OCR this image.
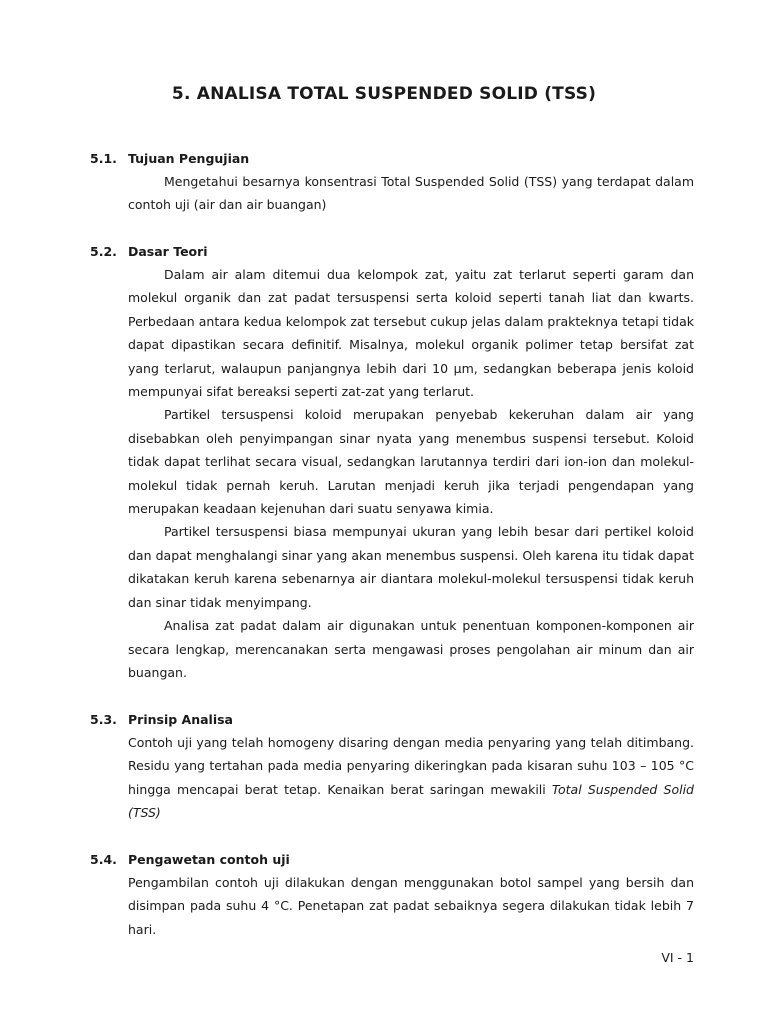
5. ANALISA TOTAL SUSPENDED SOLID (TSS)
5.1. Tujuan Pengujian

Mengetahui besarnya konsentrasi Total Suspended Solid (TSS) yang terdapat dalam contoh uji (air dan air buangan)

5.2. Dasar Teori

Dalam air alam ditemui dua kelompok zat, yaitu zat terlarut seperti garam dan molekul organik dan zat padat tersuspensi serta koloid seperti tanah liat dan kwarts. Perbedaan antara kedua kelompok zat tersebut cukup jelas dalam prakteknya tetapi tidak dapat dipastikan secara definitif. Misalnya, molekul organik polimer tetap bersifat zat yang terlarut, walaupun panjangnya lebih dari 10 µm, sedangkan beberapa jenis koloid mempunyai sifat bereaksi seperti zat-zat yang terlarut.

Partikel tersuspensi koloid merupakan penyebab kekeruhan dalam air yang disebabkan oleh penyimpangan sinar nyata yang menembus suspensi tersebut. Koloid tidak dapat terlihat secara visual, sedangkan larutannya terdiri dari ion-ion dan molekul-molekul tidak pernah keruh. Larutan menjadi keruh jika terjadi pengendapan yang merupakan keadaan kejenuhan dari suatu senyawa kimia.

Partikel tersuspensi biasa mempunyai ukuran yang lebih besar dari pertikel koloid dan dapat menghalangi sinar yang akan menembus suspensi. Oleh karena itu tidak dapat dikatakan keruh karena sebenarnya air diantara molekul-molekul tersuspensi tidak keruh dan sinar tidak menyimpang.

Analisa zat padat dalam air digunakan untuk penentuan komponen-komponen air secara lengkap, merencanakan serta mengawasi proses pengolahan air minum dan air buangan.

5.3. Prinsip Analisa

Contoh uji yang telah homogeny disaring dengan media penyaring yang telah ditimbang. Residu yang tertahan pada media penyaring dikeringkan pada kisaran suhu 103 – 105 °C hingga mencapai berat tetap. Kenaikan berat saringan mewakili Total Suspended Solid (TSS)

5.4. Pengawetan contoh uji

Pengambilan contoh uji dilakukan dengan menggunakan botol sampel yang bersih dan disimpan pada suhu 4 °C. Penetapan zat padat sebaiknya segera dilakukan tidak lebih 7 hari.

VI - 1
